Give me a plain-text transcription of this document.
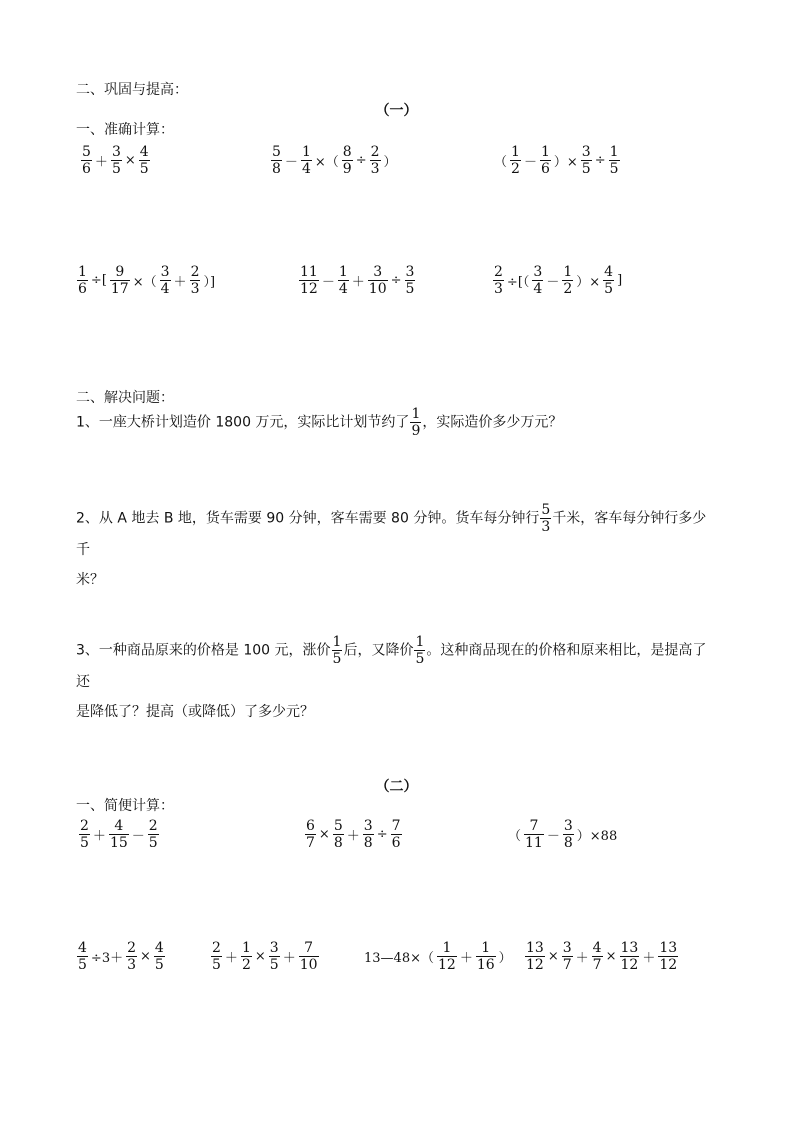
二、巩固与提高：
（一）
一、准确计算：
$\frac{5}{6} + \frac{3}{5} \times \frac{4}{5}$	$\frac{5}{8} - \frac{1}{4}$ ×（ $\frac{8}{9} \div \frac{2}{3}$ ）	（ $\frac{1}{2} - \frac{1}{6}$ ）× $\frac{3}{5} \div \frac{1}{5}$
$\frac{1}{6}$ ÷[ $\frac{9}{17}$ ×（ $\frac{3}{4} + \frac{2}{3}$ ）]	$\frac{11}{12} - \frac{1}{4} + \frac{3}{10} \div \frac{3}{5}$	$\frac{2}{3}$ ÷[（ $\frac{3}{4} - \frac{1}{2}$ ）× $\frac{4}{5}$ ]
二、解决问题：
1、一座大桥计划造价 1800 万元，实际比计划节约了 $\frac{1}{9}$ ，实际造价多少万元？
2、从 A 地去 B 地，货车需要 90 分钟，客车需要 80 分钟。货车每分钟行 $\frac{5}{3}$ 千米，客车每分钟行多少千
米？
3、一种商品原来的价格是 100 元，涨价 $\frac{1}{5}$ 后，又降价 $\frac{1}{5}$ 。这种商品现在的价格和原来相比，是提高了还
是降低了？提高（或降低）了多少元？
（二）
一、简便计算：
$\frac{2}{5} + \frac{4}{15} - \frac{2}{5}$	$\frac{6}{7} \times \frac{5}{8} + \frac{3}{8} \div \frac{7}{6}$	（ $\frac{7}{11} - \frac{3}{8} )\times 88$
$\frac{4}{5} \div 3+ \frac{2}{3} \times \frac{4}{5}$	$\frac{2}{5} + \frac{1}{2} \times \frac{3}{5} + \frac{7}{10}$	13—48×（ $\frac{1}{12} + \frac{1}{16}$ ） $\frac{13}{12} \times \frac{3}{7} + \frac{4}{7} \times \frac{13}{12} + \frac{13}{12}$
